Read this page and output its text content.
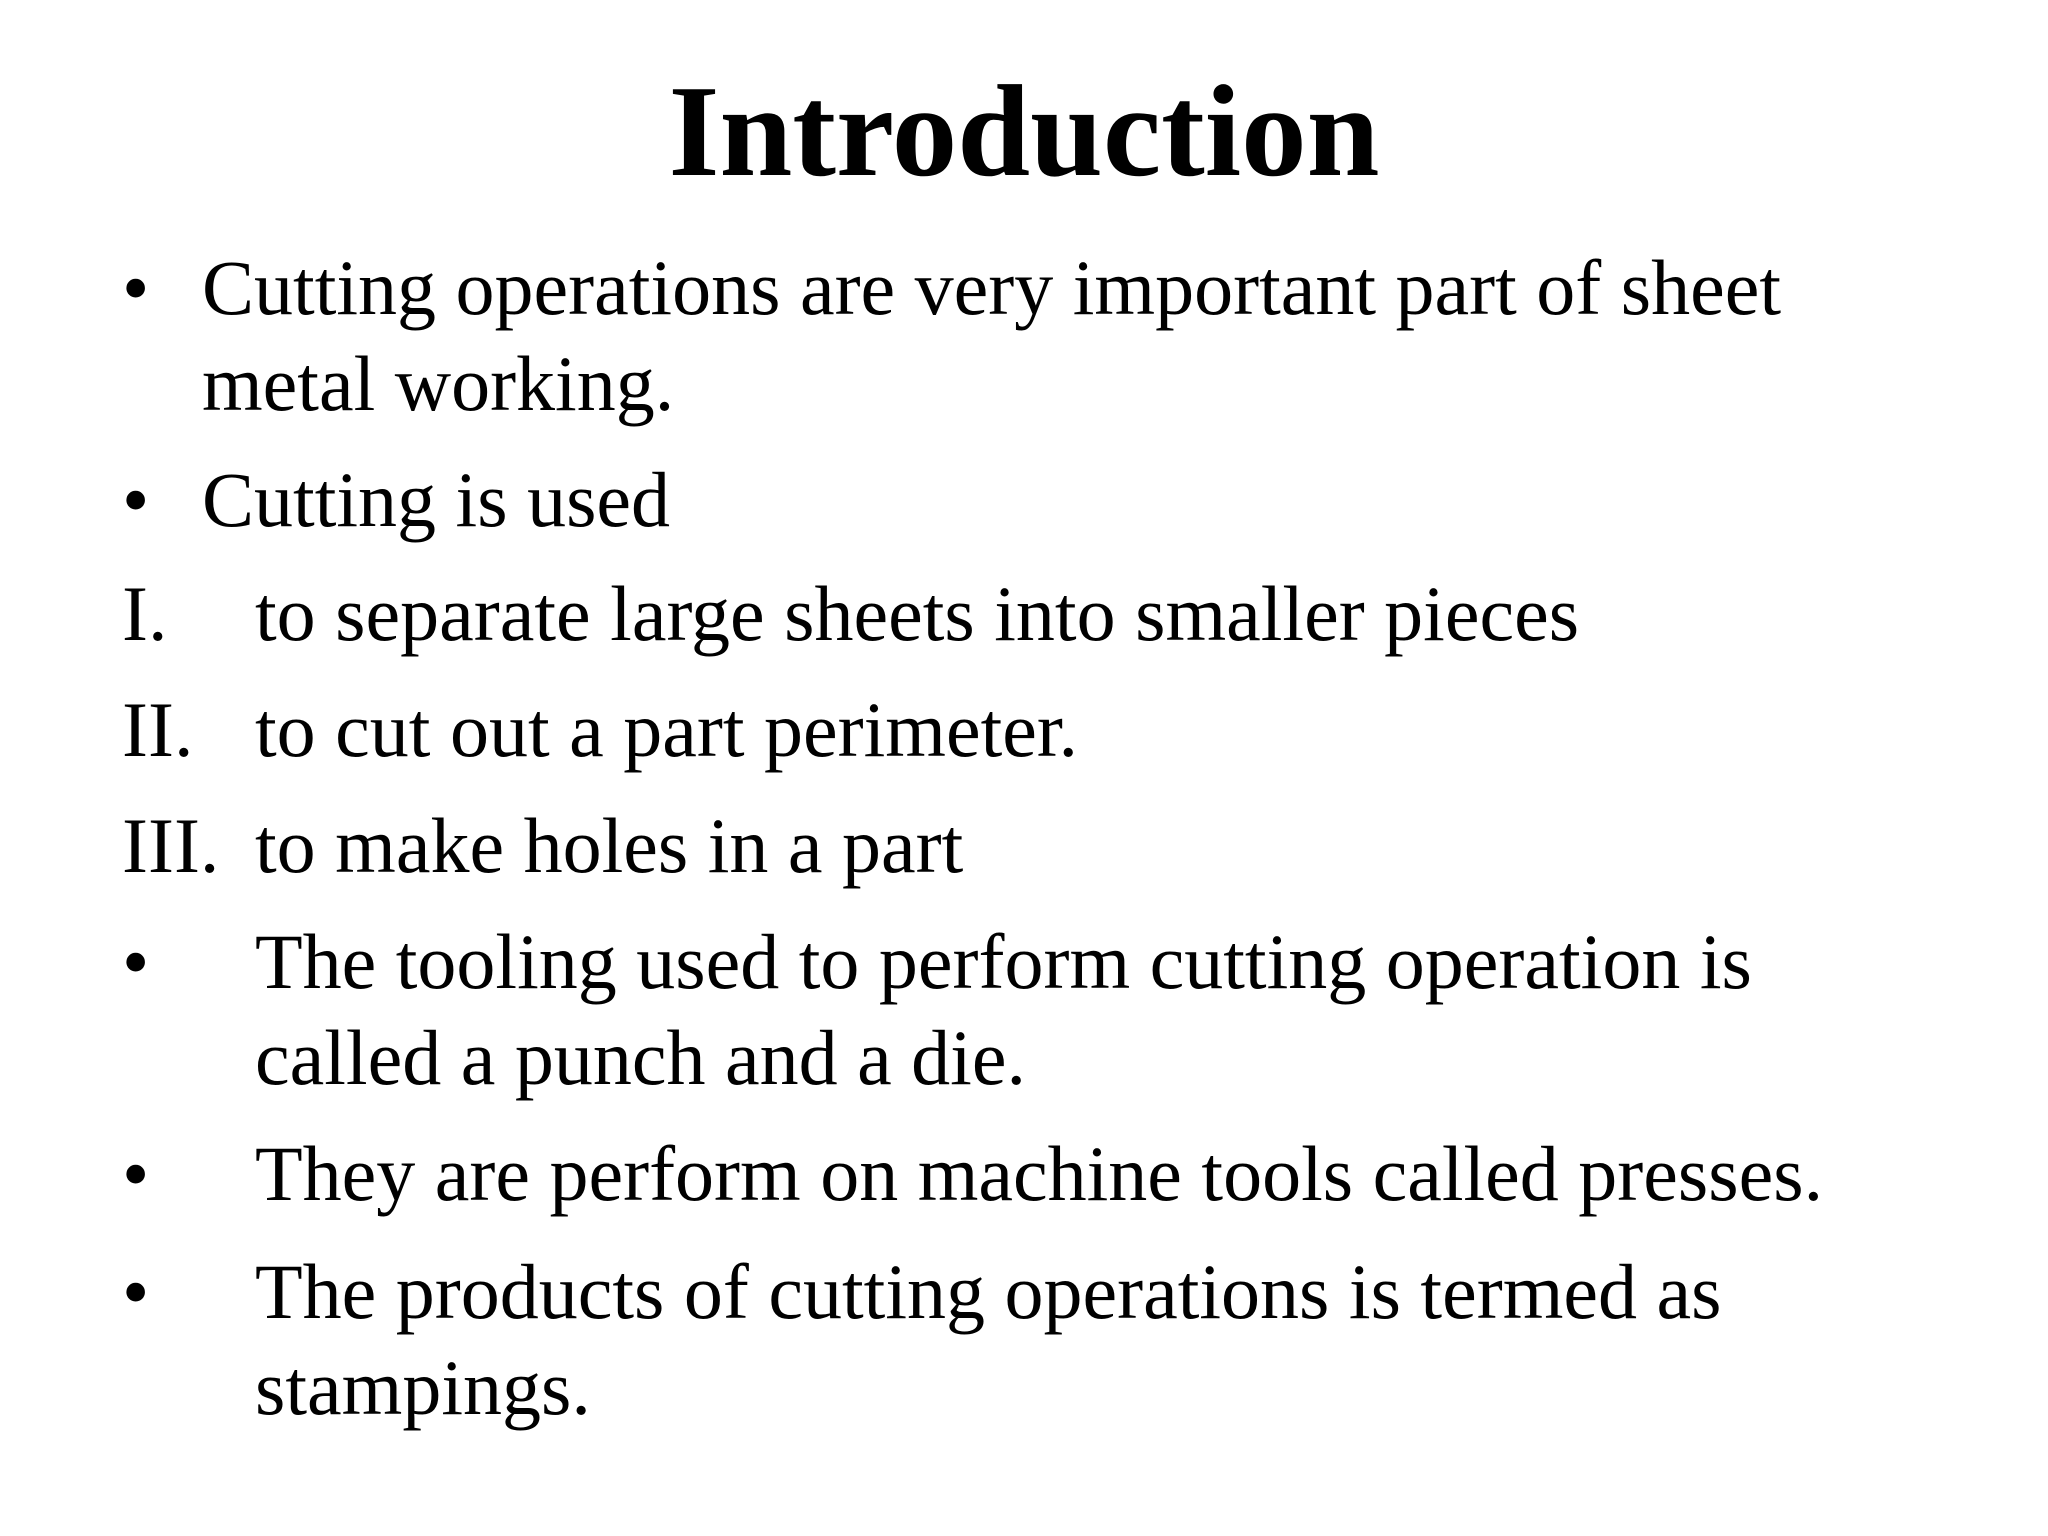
Introduction
• Cutting operations are very important part of sheet
metal working.
• Cutting is used
I. to separate large sheets into smaller pieces
II. to cut out a part perimeter.
III. to make holes in a part
• The tooling used to perform cutting operation is
called a punch and a die.
• They are perform on machine tools called presses.
• The products of cutting operations is termed as
stampings.
